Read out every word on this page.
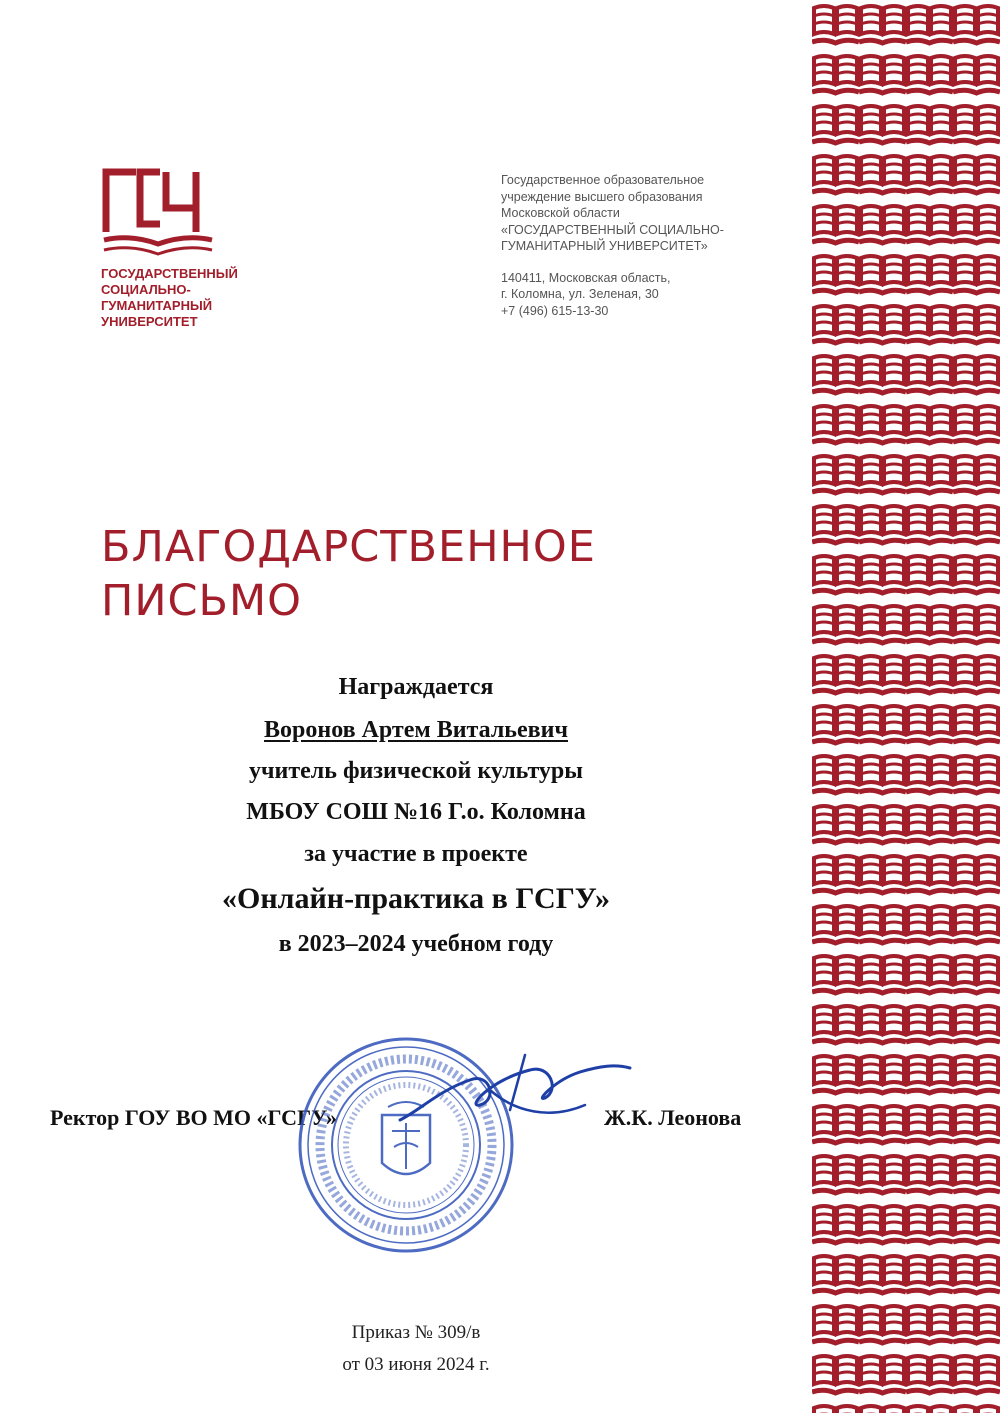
ГОСУДАРСТВЕННЫЙ
СОЦИАЛЬНО-
ГУМАНИТАРНЫЙ
УНИВЕРСИТЕТ
Государственное образовательное
учреждение высшего образования
Московской области
«ГОСУДАРСТВЕННЫЙ СОЦИАЛЬНО-
ГУМАНИТАРНЫЙ УНИВЕРСИТЕТ»
140411, Московская область,
г. Коломна, ул. Зеленая, 30
+7 (496) 615-13-30
БЛАГОДАРСТВЕННОЕ
ПИСЬМО
Награждается
Воронов Артем Витальевич
учитель физической культуры
МБОУ СОШ №16 Г.о. Коломна
за участие в проекте
«Онлайн-практика в ГСГУ»
в 2023–2024 учебном году
Ректор ГОУ ВО МО «ГСГУ»	Ж.К. Леонова
Приказ № 309/в
от 03 июня 2024 г.
